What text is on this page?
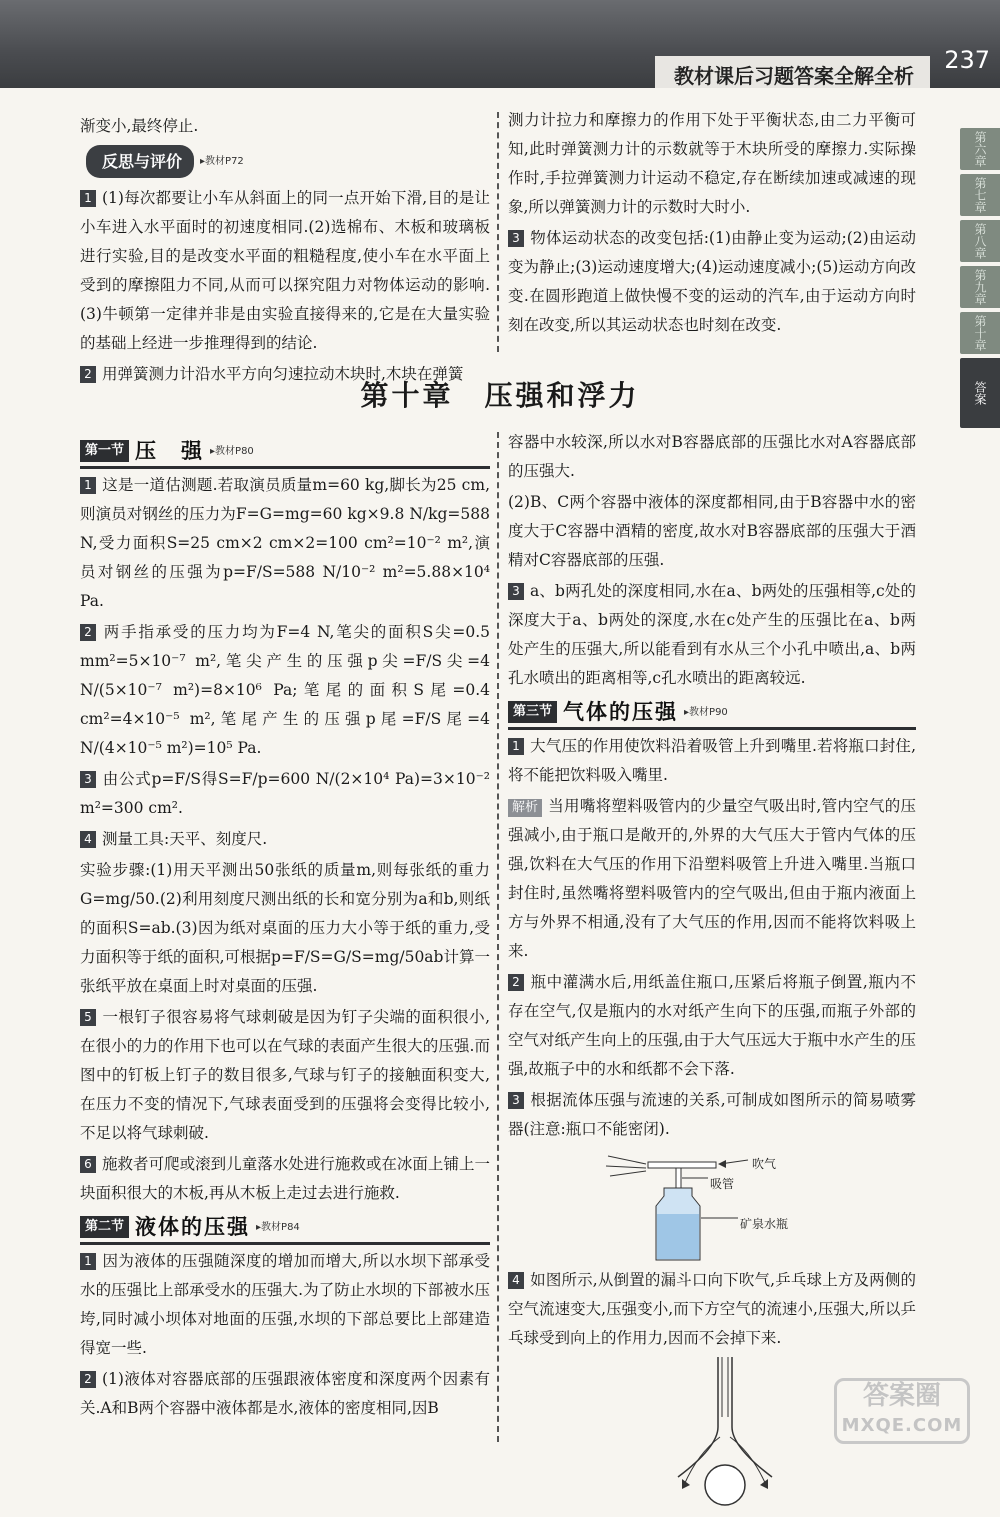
教材课后习题答案全解全析
237
第六章
第七章
第八章
第九章
第十章
答案

渐变小,最终停止.

反思与评价	▸教材P72

1 (1)每次都要让小车从斜面上的同一点开始下滑,目的是让小车进入水平面时的初速度相同.(2)选棉布、木板和玻璃板进行实验,目的是改变水平面的粗糙程度,使小车在水平面上受到的摩擦阻力不同,从而可以探究阻力对物体运动的影响.(3)牛顿第一定律并非是由实验直接得来的,它是在大量实验的基础上经进一步推理得到的结论.

2 用弹簧测力计沿水平方向匀速拉动木块时,木块在弹簧

测力计拉力和摩擦力的作用下处于平衡状态,由二力平衡可知,此时弹簧测力计的示数就等于木块所受的摩擦力.实际操作时,手拉弹簧测力计运动不稳定,存在断续加速或减速的现象,所以弹簧测力计的示数时大时小.

3 物体运动状态的改变包括:(1)由静止变为运动;(2)由运动变为静止;(3)运动速度增大;(4)运动速度减小;(5)运动方向改变.在圆形跑道上做快慢不变的运动的汽车,由于运动方向时刻在改变,所以其运动状态也时刻在改变.

第十章　压强和浮力
第一节 压　强 ▸教材P80

1 这是一道估测题.若取演员质量m=60 kg,脚长为25 cm,则演员对钢丝的压力为F=G=mg=60 kg×9.8 N/kg=588 N,受力面积S=25 cm×2 cm×2=100 cm²=10⁻² m²,演员对钢丝的压强为p=F/S=588 N/10⁻² m²=5.88×10⁴ Pa.

2 两手指承受的压力均为F=4 N,笔尖的面积S尖=0.5 mm²=5×10⁻⁷ m²,笔尖产生的压强p尖=F/S尖=4 N/(5×10⁻⁷ m²)=8×10⁶ Pa;笔尾的面积S尾=0.4 cm²=4×10⁻⁵ m²,笔尾产生的压强p尾=F/S尾=4 N/(4×10⁻⁵ m²)=10⁵ Pa.

3 由公式p=F/S得S=F/p=600 N/(2×10⁴ Pa)=3×10⁻² m²=300 cm².

4 测量工具:天平、刻度尺.

实验步骤:(1)用天平测出50张纸的质量m,则每张纸的重力G=mg/50.(2)利用刻度尺测出纸的长和宽分别为a和b,则纸的面积S=ab.(3)因为纸对桌面的压力大小等于纸的重力,受力面积等于纸的面积,可根据p=F/S=G/S=mg/50ab计算一张纸平放在桌面上时对桌面的压强.

5 一根钉子很容易将气球刺破是因为钉子尖端的面积很小,在很小的力的作用下也可以在气球的表面产生很大的压强.而图中的钉板上钉子的数目很多,气球与钉子的接触面积变大,在压力不变的情况下,气球表面受到的压强将会变得比较小,不足以将气球刺破.

6 施救者可爬或滚到儿童落水处进行施救或在冰面上铺上一块面积很大的木板,再从木板上走过去进行施救.

第二节 液体的压强 ▸教材P84

1 因为液体的压强随深度的增加而增大,所以水坝下部承受水的压强比上部承受水的压强大.为了防止水坝的下部被水压垮,同时减小坝体对地面的压强,水坝的下部总要比上部建造得宽一些.

2 (1)液体对容器底部的压强跟液体密度和深度两个因素有关.A和B两个容器中液体都是水,液体的密度相同,因B

容器中水较深,所以水对B容器底部的压强比水对A容器底部的压强大.

(2)B、C两个容器中液体的深度都相同,由于B容器中水的密度大于C容器中酒精的密度,故水对B容器底部的压强大于酒精对C容器底部的压强.

3 a、b两孔处的深度相同,水在a、b两处的压强相等,c处的深度大于a、b两处的深度,水在c处产生的压强比在a、b两处产生的压强大,所以能看到有水从三个小孔中喷出,a、b两孔水喷出的距离相等,c孔水喷出的距离较远.

第三节 气体的压强 ▸教材P90

1 大气压的作用使饮料沿着吸管上升到嘴里.若将瓶口封住,将不能把饮料吸入嘴里.

解析 当用嘴将塑料吸管内的少量空气吸出时,管内空气的压强减小,由于瓶口是敞开的,外界的大气压大于管内气体的压强,饮料在大气压的作用下沿塑料吸管上升进入嘴里.当瓶口封住时,虽然嘴将塑料吸管内的空气吸出,但由于瓶内液面上方与外界不相通,没有了大气压的作用,因而不能将饮料吸上来.

2 瓶中灌满水后,用纸盖住瓶口,压紧后将瓶子倒置,瓶内不存在空气,仅是瓶内的水对纸产生向下的压强,而瓶子外部的空气对纸产生向上的压强,由于大气压远大于瓶中水产生的压强,故瓶子中的水和纸都不会下落.

3 根据流体压强与流速的关系,可制成如图所示的简易喷雾器(注意:瓶口不能密闭).

吹气
吸管
矿泉水瓶

4 如图所示,从倒置的漏斗口向下吹气,乒乓球上方及两侧的空气流速变大,压强变小,而下方空气的流速小,压强大,所以乒乓球受到向上的作用力,因而不会掉下来.

答案圈
MXQE.COM
